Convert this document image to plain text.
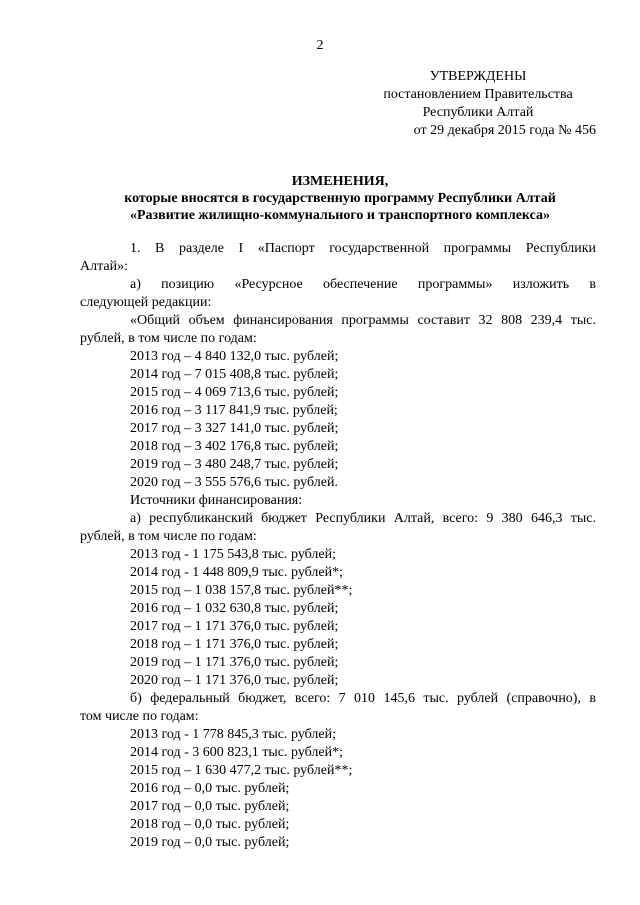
2
УТВЕРЖДЕНЫ
постановлением Правительства
Республики Алтай
от 29 декабря 2015 года № 456
ИЗМЕНЕНИЯ,
которые вносятся в государственную программу Республики Алтай
«Развитие жилищно-коммунального и транспортного комплекса»

1. В разделе I «Паспорт государственной программы Республики

Алтай»:

а) позицию «Ресурсное обеспечение программы» изложить в

следующей редакции:

«Общий объем финансирования программы составит 32 808 239,4 тыс.

рублей, в том числе по годам:

2013 год – 4 840 132,0 тыс. рублей;

2014 год – 7 015 408,8 тыс. рублей;

2015 год – 4 069 713,6 тыс. рублей;

2016 год – 3 117 841,9 тыс. рублей;

2017 год – 3 327 141,0 тыс. рублей;

2018 год – 3 402 176,8 тыс. рублей;

2019 год – 3 480 248,7 тыс. рублей;

2020 год – 3 555 576,6 тыс. рублей.

Источники финансирования:

а) республиканский бюджет Республики Алтай, всего: 9 380 646,3 тыс.

рублей, в том числе по годам:

2013 год - 1 175 543,8 тыс. рублей;

2014 год - 1 448 809,9 тыс. рублей*;

2015 год – 1 038 157,8 тыс. рублей**;

2016 год – 1 032 630,8 тыс. рублей;

2017 год – 1 171 376,0 тыс. рублей;

2018 год – 1 171 376,0 тыс. рублей;

2019 год – 1 171 376,0 тыс. рублей;

2020 год – 1 171 376,0 тыс. рублей;

б) федеральный бюджет, всего: 7 010 145,6 тыс. рублей (справочно), в

том числе по годам:

2013 год - 1 778 845,3 тыс. рублей;

2014 год - 3 600 823,1 тыс. рублей*;

2015 год – 1 630 477,2 тыс. рублей**;

2016 год – 0,0 тыс. рублей;

2017 год – 0,0 тыс. рублей;

2018 год – 0,0 тыс. рублей;

2019 год – 0,0 тыс. рублей;
